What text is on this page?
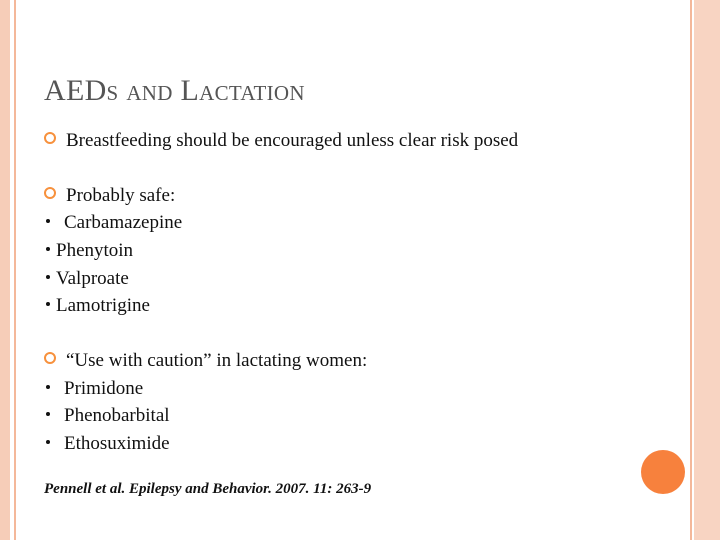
AEDs and Lactation
Breastfeeding should be encouraged unless clear risk posed
Probably safe:
Carbamazepine
Phenytoin
Valproate
Lamotrigine
“Use with caution” in lactating women:
Primidone
Phenobarbital
Ethosuximide
Pennell et al. Epilepsy and Behavior. 2007. 11: 263-9
